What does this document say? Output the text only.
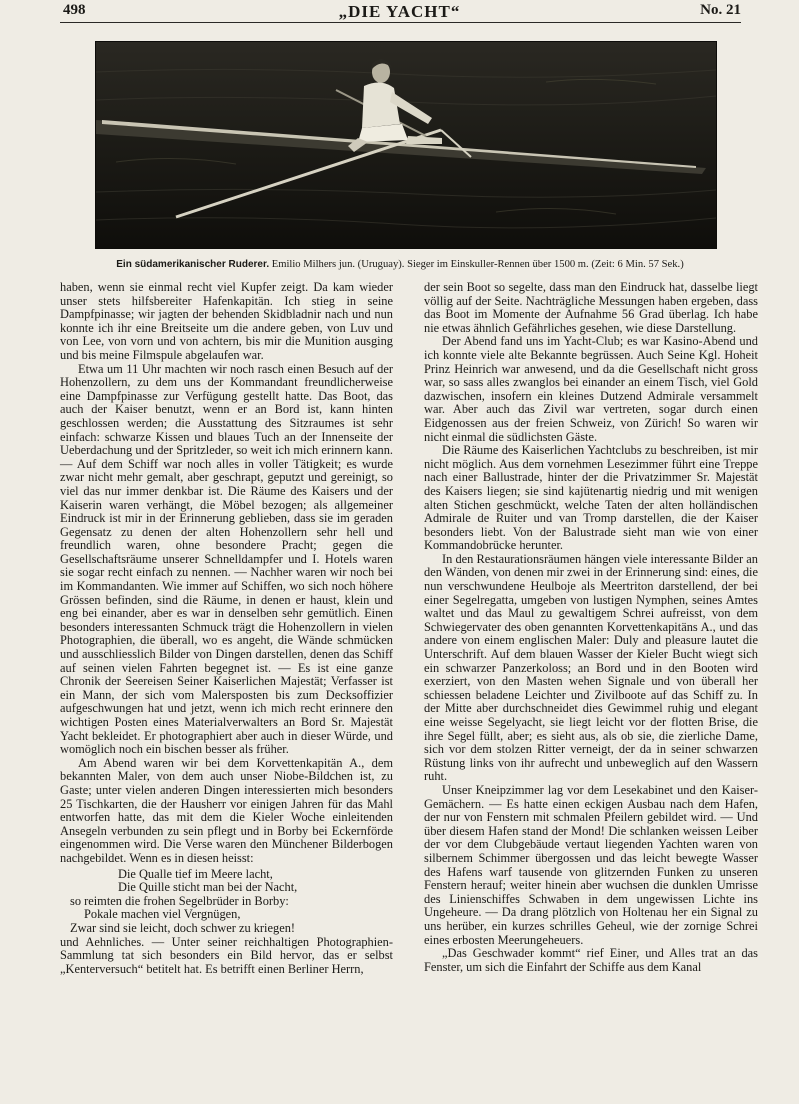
498	„DIE YACHT“	No. 21
Ein südamerikanischer Ruderer. Emilio Milhers jun. (Uruguay). Sieger im Einskuller-Rennen über 1500 m. (Zeit: 6 Min. 57 Sek.)

haben, wenn sie einmal recht viel Kupfer zeigt. Da kam wieder unser stets hilfsbereiter Hafenkapitän. Ich stieg in seine Dampfpinasse; wir jagten der behenden Skidbladnir nach und nun konnte ich ihr eine Breitseite um die andere geben, von Luv und von Lee, von vorn und von achtern, bis mir die Munition ausging und bis meine Filmspule abgelaufen war.

Etwa um 11 Uhr machten wir noch rasch einen Besuch auf der Hohenzollern, zu dem uns der Kommandant freundlicherweise eine Dampfpinasse zur Verfügung gestellt hatte. Das Boot, das auch der Kaiser benutzt, wenn er an Bord ist, kann hinten geschlossen werden; die Ausstattung des Sitzraumes ist sehr einfach: schwarze Kissen und blaues Tuch an der Innenseite der Ueberdachung und der Spritzleder, so weit ich mich erinnern kann. — Auf dem Schiff war noch alles in voller Tätigkeit; es wurde zwar nicht mehr gemalt, aber geschrapt, geputzt und gereinigt, so viel das nur immer denkbar ist. Die Räume des Kaisers und der Kaiserin waren verhängt, die Möbel bezogen; als allgemeiner Eindruck ist mir in der Erinnerung geblieben, dass sie im geraden Gegensatz zu denen der alten Hohenzollern sehr hell und freundlich waren, ohne besondere Pracht; gegen die Gesellschaftsräume unserer Schnelldampfer und I. Hotels waren sie sogar recht einfach zu nennen. — Nachher waren wir noch bei im Kommandanten. Wie immer auf Schiffen, wo sich noch höhere Grössen befinden, sind die Räume, in denen er haust, klein und eng bei einander, aber es war in denselben sehr gemütlich. Einen besonders interessanten Schmuck trägt die Hohenzollern in vielen Photographien, die überall, wo es angeht, die Wände schmücken und ausschliesslich Bilder von Dingen darstellen, denen das Schiff auf seinen vielen Fahrten begegnet ist. — Es ist eine ganze Chronik der Seereisen Seiner Kaiserlichen Majestät; Verfasser ist ein Mann, der sich vom Malersposten bis zum Decksoffizier aufgeschwungen hat und jetzt, wenn ich mich recht erinnere den wichtigen Posten eines Materialverwalters an Bord Sr. Majestät Yacht bekleidet. Er photographiert aber auch in dieser Würde, und womöglich noch ein bischen besser als früher.

Am Abend waren wir bei dem Korvettenkapitän A., dem bekannten Maler, von dem auch unser Niobe-Bildchen ist, zu Gaste; unter vielen anderen Dingen interessierten mich besonders 25 Tischkarten, die der Hausherr vor einigen Jahren für das Mahl entworfen hatte, das mit dem die Kieler Woche einleitenden Ansegeln verbunden zu sein pflegt und in Borby bei Eckernförde eingenommen wird. Die Verse waren den Münchener Bilderbogen nachgebildet. Wenn es in diesen heisst:

Die Qualle tief im Meere lacht,
Die Quille sticht man bei der Nacht,
so reimten die frohen Segelbrüder in Borby:
Pokale machen viel Vergnügen,
Zwar sind sie leicht, doch schwer zu kriegen!

und Aehnliches. — Unter seiner reichhaltigen Photographien-Sammlung tat sich besonders ein Bild hervor, das er selbst „Kenterversuch“ betitelt hat. Es betrifft einen Berliner Herrn,

der sein Boot so segelte, dass man den Eindruck hat, dasselbe liegt völlig auf der Seite. Nachträgliche Messungen haben ergeben, dass das Boot im Momente der Aufnahme 56 Grad überlag. Ich habe nie etwas ähnlich Gefährliches gesehen, wie diese Darstellung.

Der Abend fand uns im Yacht-Club; es war Kasino-Abend und ich konnte viele alte Bekannte begrüssen. Auch Seine Kgl. Hoheit Prinz Heinrich war anwesend, und da die Gesellschaft nicht gross war, so sass alles zwanglos bei einander an einem Tisch, viel Gold dazwischen, insofern ein kleines Dutzend Admirale versammelt war. Aber auch das Zivil war vertreten, sogar durch einen Eidgenossen aus der freien Schweiz, von Zürich! So waren wir nicht einmal die südlichsten Gäste.

Die Räume des Kaiserlichen Yachtclubs zu beschreiben, ist mir nicht möglich. Aus dem vornehmen Lesezimmer führt eine Treppe nach einer Ballustrade, hinter der die Privatzimmer Sr. Majestät des Kaisers liegen; sie sind kajütenartig niedrig und mit wenigen alten Stichen geschmückt, welche Taten der alten holländischen Admirale de Ruiter und van Tromp darstellen, die der Kaiser besonders liebt. Von der Balustrade sieht man wie von einer Kommandobrücke herunter.

In den Restaurationsräumen hängen viele interessante Bilder an den Wänden, von denen mir zwei in der Erinnerung sind: eines, die nun verschwundene Heulboje als Meertriton darstellend, der bei einer Segelregatta, umgeben von lustigen Nymphen, seines Amtes waltet und das Maul zu gewaltigem Schrei aufreisst, von dem Schwiegervater des oben genannten Korvettenkapitäns A., und das andere von einem englischen Maler: Duly and pleasure lautet die Unterschrift. Auf dem blauen Wasser der Kieler Bucht wiegt sich ein schwarzer Panzerkoloss; an Bord und in den Booten wird exerziert, von den Masten wehen Signale und von überall her schiessen beladene Leichter und Zivilboote auf das Schiff zu. In der Mitte aber durchschneidet dies Gewimmel ruhig und elegant eine weisse Segelyacht, sie liegt leicht vor der flotten Brise, die ihre Segel füllt, aber; es sieht aus, als ob sie, die zierliche Dame, sich vor dem stolzen Ritter verneigt, der da in seiner schwarzen Rüstung links von ihr aufrecht und unbeweglich auf den Wassern ruht.

Unser Kneipzimmer lag vor dem Lesekabinet und den Kaiser-Gemächern. — Es hatte einen eckigen Ausbau nach dem Hafen, der nur von Fenstern mit schmalen Pfeilern gebildet wird. — Und über diesem Hafen stand der Mond! Die schlanken weissen Leiber der vor dem Clubgebäude vertaut liegenden Yachten waren von silbernem Schimmer übergossen und das leicht bewegte Wasser des Hafens warf tausende von glitzernden Funken zu unseren Fenstern herauf; weiter hinein aber wuchsen die dunklen Umrisse des Linienschiffes Schwaben in dem ungewissen Lichte ins Ungeheure. — Da drang plötzlich von Holtenau her ein Signal zu uns herüber, ein kurzes schrilles Geheul, wie der zornige Schrei eines erbosten Meerungeheuers.

„Das Geschwader kommt“ rief Einer, und Alles trat an das Fenster, um sich die Einfahrt der Schiffe aus dem Kanal
